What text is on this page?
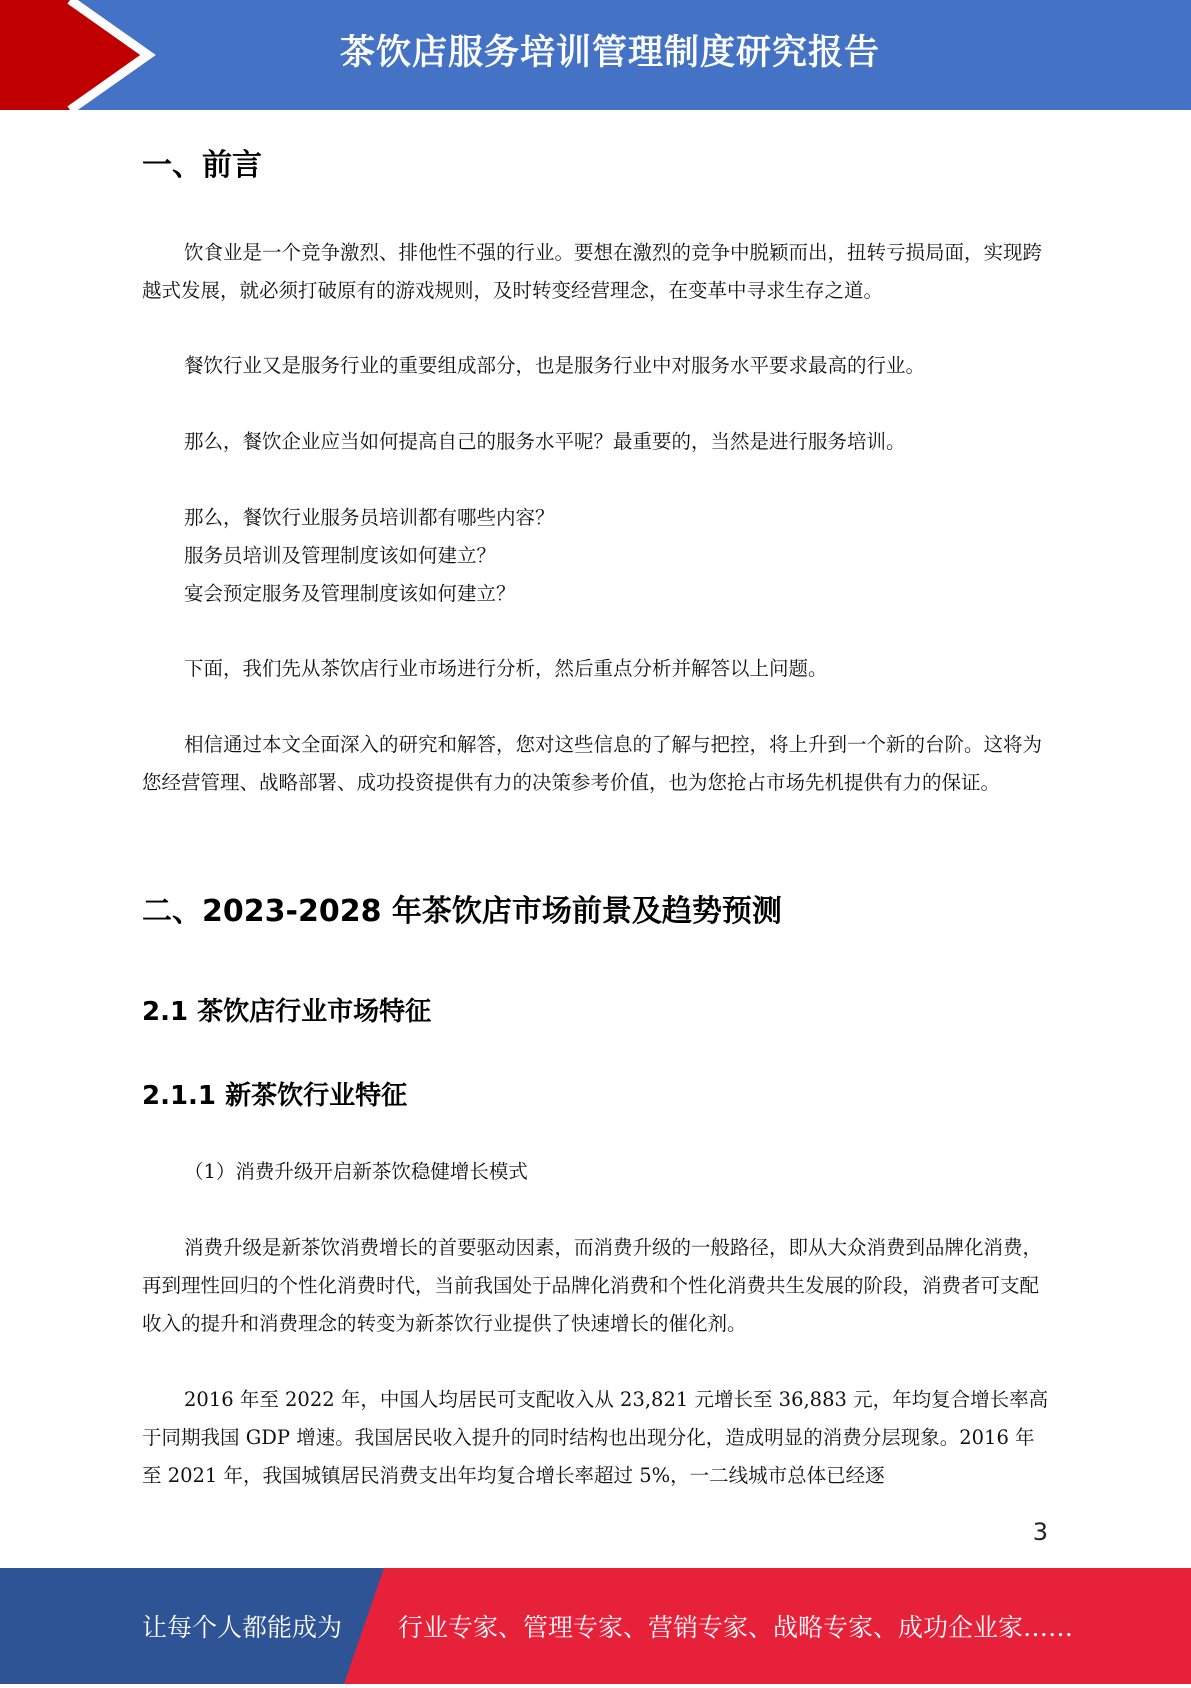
茶饮店服务培训管理制度研究报告
一、前言

饮食业是一个竞争激烈、排他性不强的行业。要想在激烈的竞争中脱颖而出，扭转亏损局面，实现跨越式发展，就必须打破原有的游戏规则，及时转变经营理念，在变革中寻求生存之道。

餐饮行业又是服务行业的重要组成部分，也是服务行业中对服务水平要求最高的行业。

那么，餐饮企业应当如何提高自己的服务水平呢？最重要的，当然是进行服务培训。

那么，餐饮行业服务员培训都有哪些内容？
服务员培训及管理制度该如何建立？
宴会预定服务及管理制度该如何建立？

下面，我们先从茶饮店行业市场进行分析，然后重点分析并解答以上问题。

相信通过本文全面深入的研究和解答，您对这些信息的了解与把控，将上升到一个新的台阶。这将为您经营管理、战略部署、成功投资提供有力的决策参考价值，也为您抢占市场先机提供有力的保证。

二、2023-2028 年茶饮店市场前景及趋势预测
2.1 茶饮店行业市场特征
2.1.1 新茶饮行业特征
（1）消费升级开启新茶饮稳健增长模式

消费升级是新茶饮消费增长的首要驱动因素，而消费升级的一般路径，即从大众消费到品牌化消费，再到理性回归的个性化消费时代，当前我国处于品牌化消费和个性化消费共生发展的阶段，消费者可支配收入的提升和消费理念的转变为新茶饮行业提供了快速增长的催化剂。

2016 年至 2022 年，中国人均居民可支配收入从 23,821 元增长至 36,883 元，年均复合增长率高于同期我国 GDP 增速。我国居民收入提升的同时结构也出现分化，造成明显的消费分层现象。2016 年至 2021 年，我国城镇居民消费支出年均复合增长率超过 5%，一二线城市总体已经逐

3
让每个人都能成为 行业专家、管理专家、营销专家、战略专家、成功企业家……
